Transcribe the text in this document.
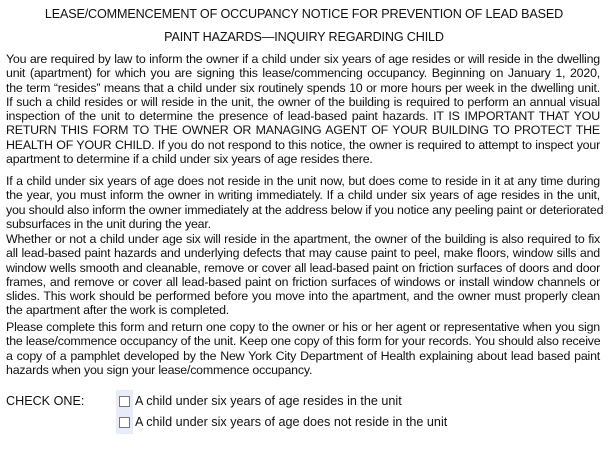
LEASE/COMMENCEMENT OF OCCUPANCY NOTICE FOR PREVENTION OF LEAD BASED
PAINT HAZARDS—INQUIRY REGARDING CHILD
You are required by law to inform the owner if a child under six years of age resides or will reside in the dwelling
unit (apartment) for which you are signing this lease/commencing occupancy. Beginning on January 1, 2020,
the term “resides” means that a child under six routinely spends 10 or more hours per week in the dwelling unit.
If such a child resides or will reside in the unit, the owner of the building is required to perform an annual visual
inspection of the unit to determine the presence of lead-based paint hazards. IT IS IMPORTANT THAT YOU
RETURN THIS FORM TO THE OWNER OR MANAGING AGENT OF YOUR BUILDING TO PROTECT THE
HEALTH OF YOUR CHILD. If you do not respond to this notice, the owner is required to attempt to inspect your
apartment to determine if a child under six years of age resides there.
If a child under six years of age does not reside in the unit now, but does come to reside in it at any time during
the year, you must inform the owner in writing immediately. If a child under six years of age resides in the unit,
you should also inform the owner immediately at the address below if you notice any peeling paint or deteriorated
subsurfaces in the unit during the year.
Whether or not a child under age six will reside in the apartment, the owner of the building is also required to fix
all lead-based paint hazards and underlying defects that may cause paint to peel, make floors, window sills and
window wells smooth and cleanable, remove or cover all lead-based paint on friction surfaces of doors and door
frames, and remove or cover all lead-based paint on friction surfaces of windows or install window channels or
slides. This work should be performed before you move into the apartment, and the owner must properly clean
the apartment after the work is completed.
Please complete this form and return one copy to the owner or his or her agent or representative when you sign
the lease/commence occupancy of the unit. Keep one copy of this form for your records. You should also receive
a copy of a pamphlet developed by the New York City Department of Health explaining about lead based paint
hazards when you sign your lease/commence occupancy.
CHECK ONE:	A child under six years of age resides in the unit
A child under six years of age does not reside in the unit
